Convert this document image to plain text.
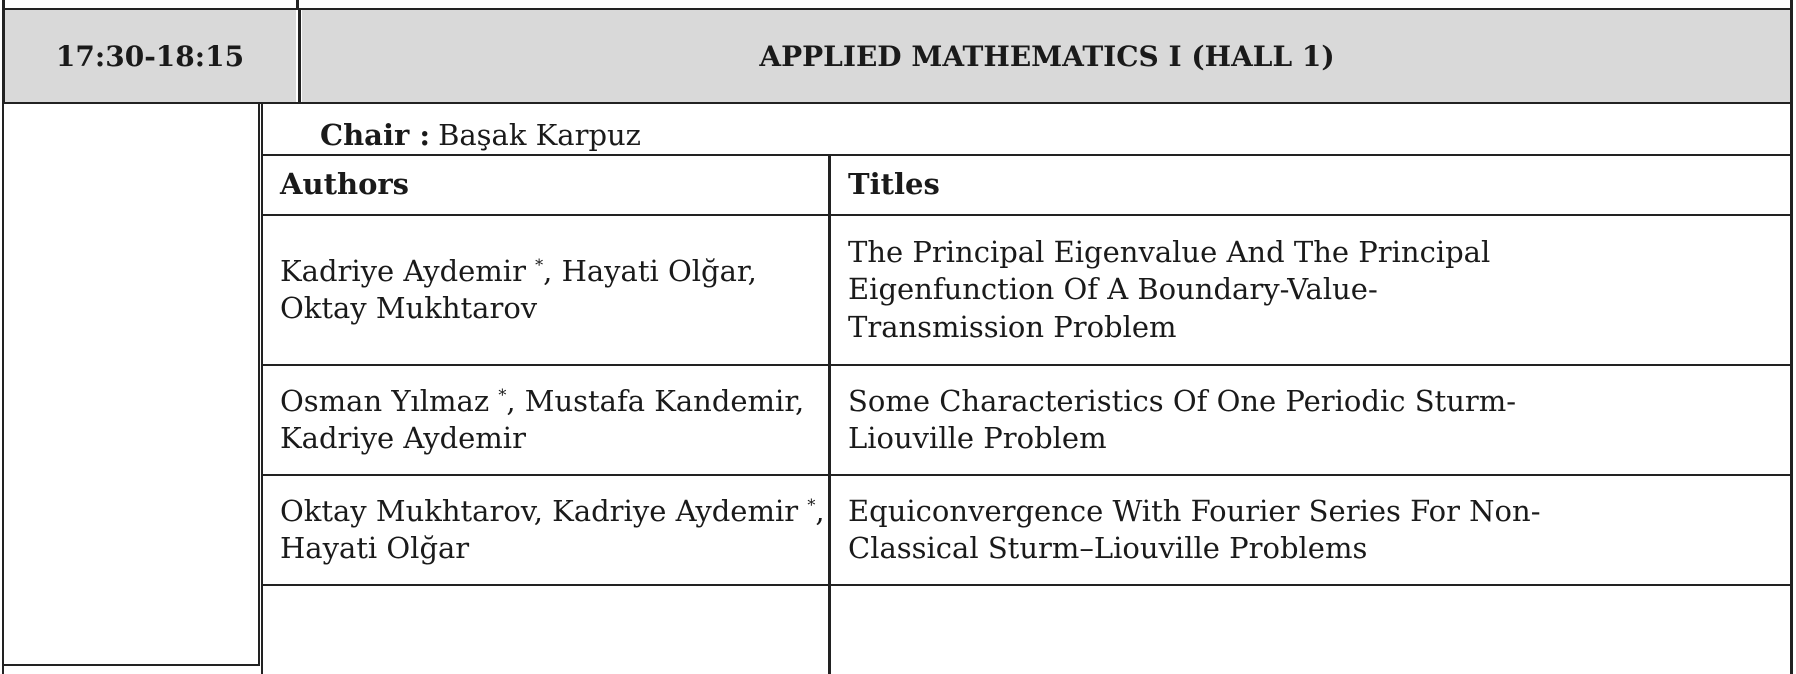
17:30-18:15	APPLIED MATHEMATICS I (HALL 1)
Chair : Başak Karpuz
Authors	Titles
Kadriye Aydemir *, Hayati Olğar,
Oktay Mukhtarov
The Principal Eigenvalue And The Principal
Eigenfunction Of A Boundary-Value-
Transmission Problem
Osman Yılmaz *, Mustafa Kandemir,
Kadriye Aydemir
Some Characteristics Of One Periodic Sturm-
Liouville Problem
Oktay Mukhtarov, Kadriye Aydemir *,
Hayati Olğar
Equiconvergence With Fourier Series For Non-
Classical Sturm–Liouville Problems
